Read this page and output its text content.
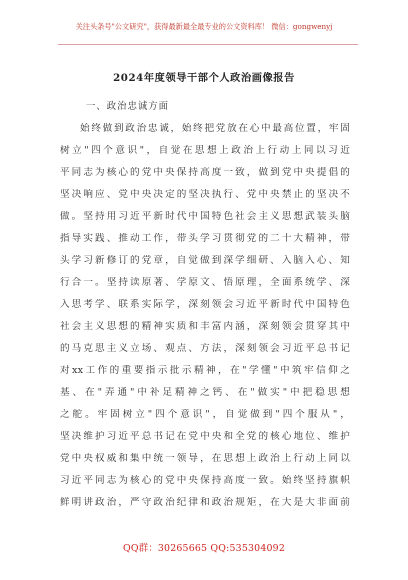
关注头条号"公文研究"，获得最新最全最专业的公文资料库！ 微信：gongwenyj
2024年度领导干部个人政治画像报告
一、政治忠诚方面
始终做到政治忠诚，始终把党放在心中最高位置，牢固
树立"四个意识"，自觉在思想上政治上行动上同以习近
平同志为核心的党中央保持高度一致，做到党中央提倡的
坚决响应、党中央决定的坚决执行、党中央禁止的坚决不
做。坚持用习近平新时代中国特色社会主义思想武装头脑
指导实践、推动工作，带头学习贯彻党的二十大精神，带
头学习新修订的党章，自觉做到深学细研、入脑入心、知
行合一。坚持读原著、学原文、悟原理，全面系统学、深
入思考学、联系实际学，深刻领会习近平新时代中国特色
社会主义思想的精神实质和丰富内涵，深刻领会贯穿其中
的马克思主义立场、观点、方法，深刻领会习近平总书记
对xx工作的重要指示批示精神，在"学懂"中筑牢信仰之
基、在"弄通"中补足精神之钙、在"做实"中把稳思想
之舵。牢固树立"四个意识"，自觉做到"四个服从"，
坚决维护习近平总书记在党中央和全党的核心地位、维护
党中央权威和集中统一领导，在思想上政治上行动上同以
习近平同志为核心的党中央保持高度一致。始终坚持旗帜
鲜明讲政治，严守政治纪律和政治规矩，在大是大非面前
QQ群：30265665 QQ:535304092
